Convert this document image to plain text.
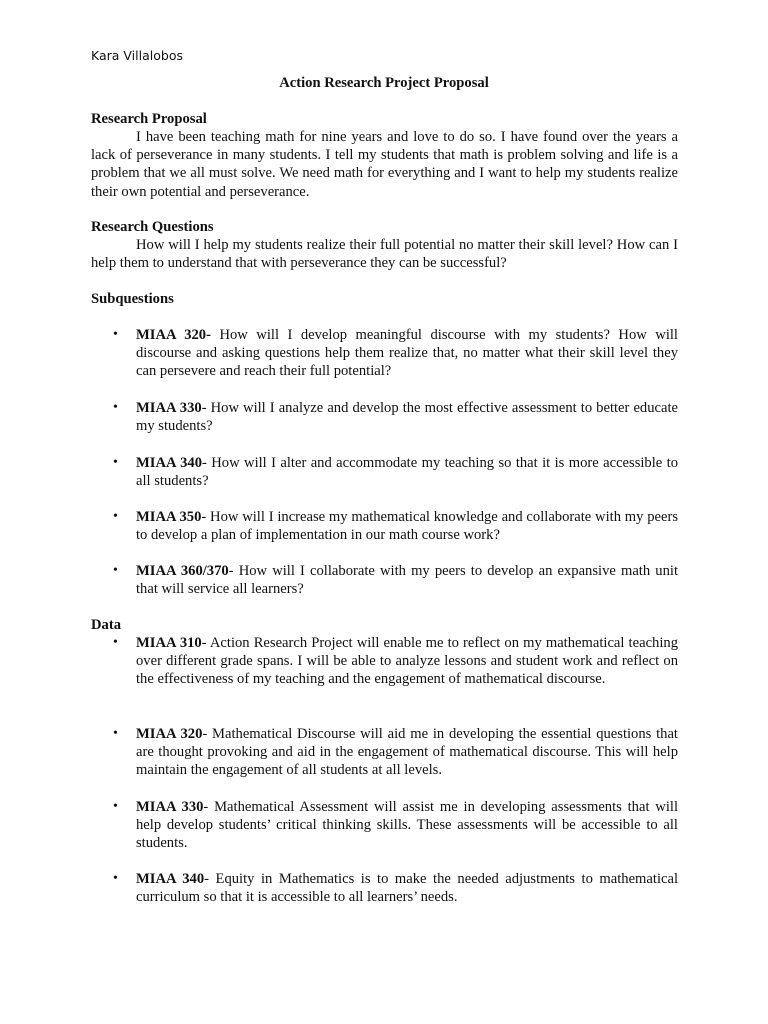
Kara Villalobos
Action Research Project Proposal
Research Proposal
I have been teaching math for nine years and love to do so. I have found over the years a lack of perseverance in many students. I tell my students that math is problem solving and life is a problem that we all must solve. We need math for everything and I want to help my students realize their own potential and perseverance.
Research Questions
How will I help my students realize their full potential no matter their skill level? How can I help them to understand that with perseverance they can be successful?
Subquestions
• MIAA 320- How will I develop meaningful discourse with my students? How will discourse and asking questions help them realize that, no matter what their skill level they can persevere and reach their full potential?
• MIAA 330- How will I analyze and develop the most effective assessment to better educate my students?
• MIAA 340- How will I alter and accommodate my teaching so that it is more accessible to all students?
• MIAA 350- How will I increase my mathematical knowledge and collaborate with my peers to develop a plan of implementation in our math course work?
• MIAA 360/370- How will I collaborate with my peers to develop an expansive math unit that will service all learners?
Data
• MIAA 310- Action Research Project will enable me to reflect on my mathematical teaching over different grade spans. I will be able to analyze lessons and student work and reflect on the effectiveness of my teaching and the engagement of mathematical discourse.
• MIAA 320- Mathematical Discourse will aid me in developing the essential questions that are thought provoking and aid in the engagement of mathematical discourse. This will help maintain the engagement of all students at all levels.
• MIAA 330- Mathematical Assessment will assist me in developing assessments that will help develop students’ critical thinking skills. These assessments will be accessible to all students.
• MIAA 340- Equity in Mathematics is to make the needed adjustments to mathematical curriculum so that it is accessible to all learners’ needs.
